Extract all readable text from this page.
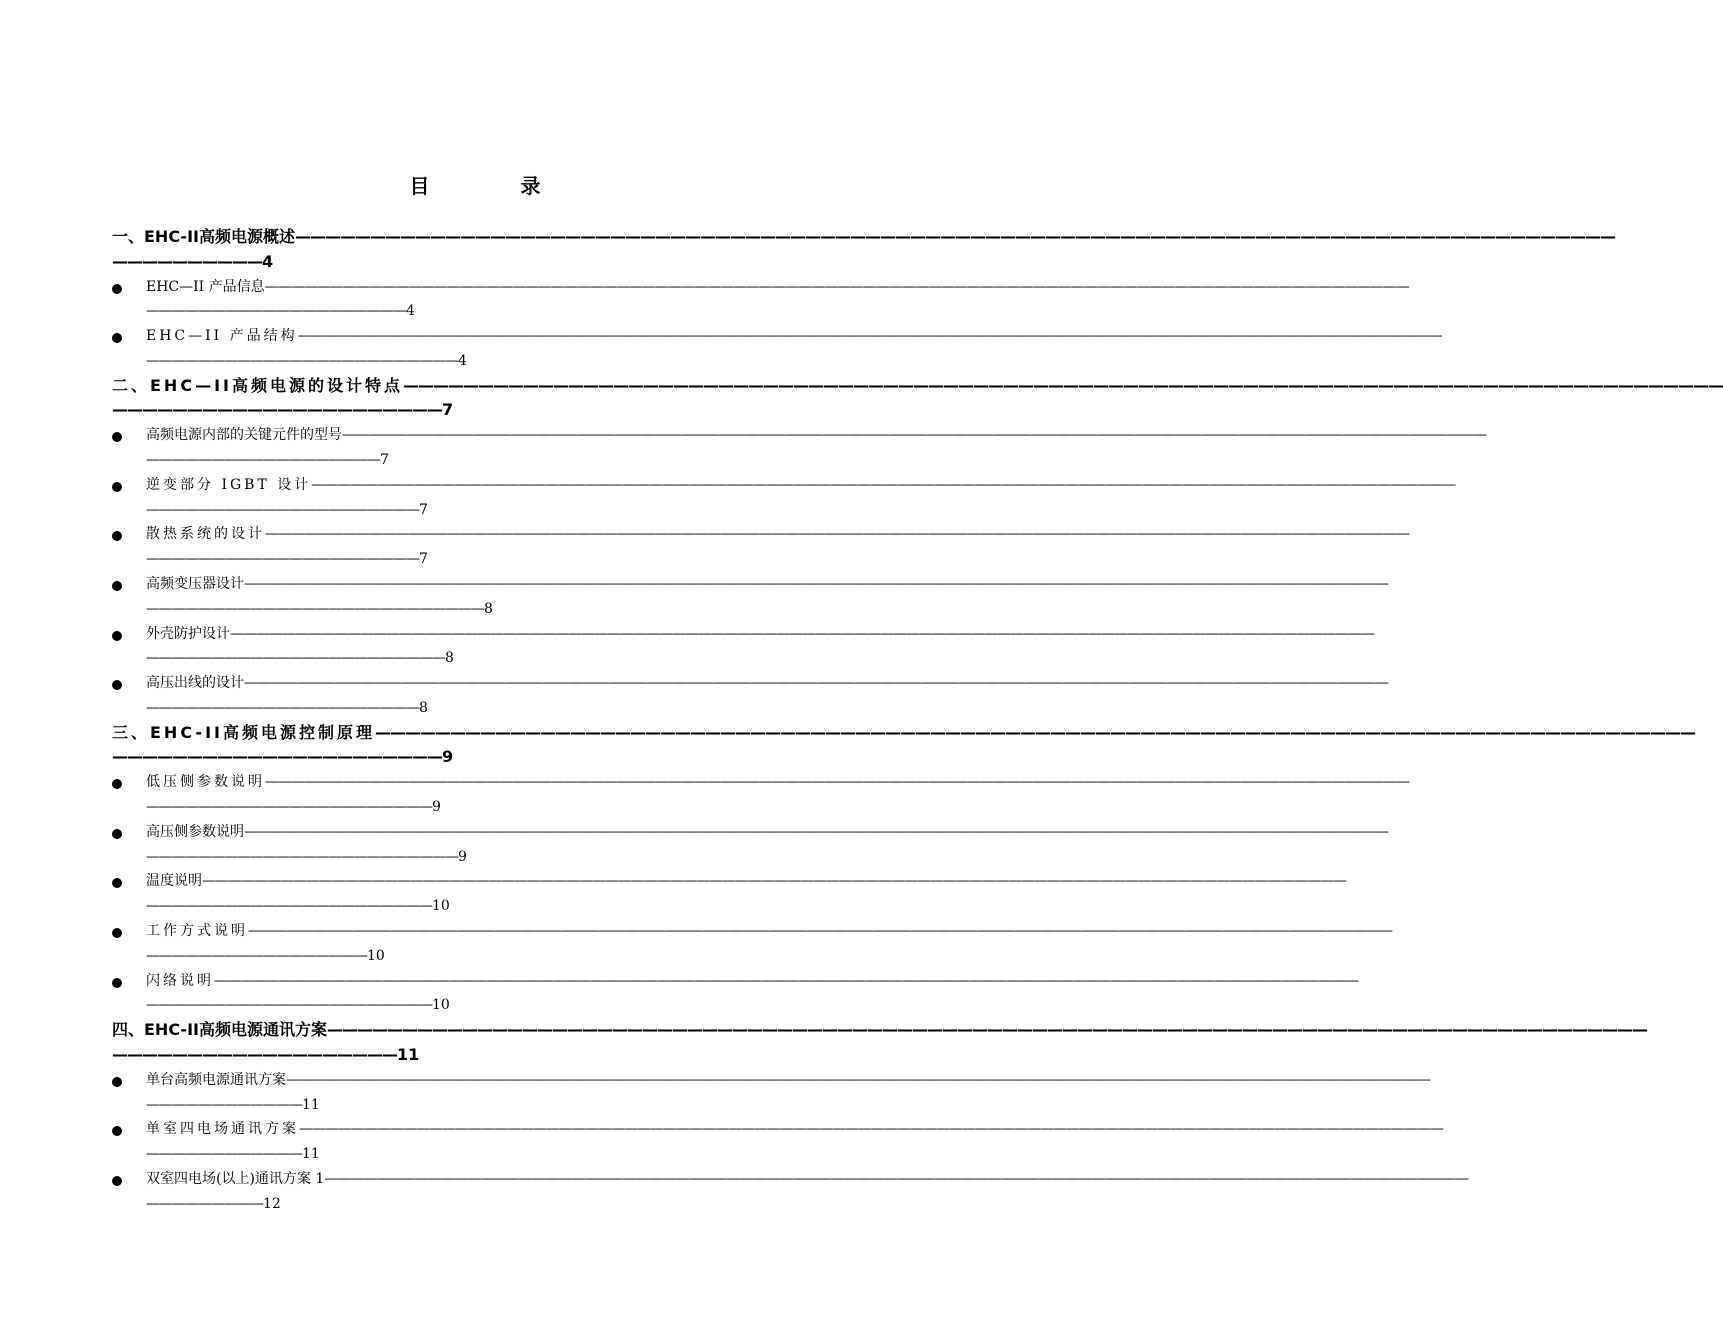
目 录
一、EHC-II高频电源概述————————————————————————————————————————————————————————————————————————————————————————
——————————4
EHC—II 产品信息————————————————————————————————————————————————————————————————————————————————————————
————————————————————4
EHC—II 产品结构————————————————————————————————————————————————————————————————————————————————————————
————————————————————————4
二、EHC—II高频电源的设计特点————————————————————————————————————————————————————————————————————————————————————————
——————————————————————7
高频电源内部的关键元件的型号————————————————————————————————————————————————————————————————————————————————————————
——————————————————7
逆变部分 IGBT 设计————————————————————————————————————————————————————————————————————————————————————————
—————————————————————7
散热系统的设计————————————————————————————————————————————————————————————————————————————————————————
—————————————————————7
高频变压器设计————————————————————————————————————————————————————————————————————————————————————————
——————————————————————————8
外壳防护设计————————————————————————————————————————————————————————————————————————————————————————
———————————————————————8
高压出线的设计————————————————————————————————————————————————————————————————————————————————————————
—————————————————————8
三、EHC-II高频电源控制原理————————————————————————————————————————————————————————————————————————————————————————
——————————————————————9
低压侧参数说明————————————————————————————————————————————————————————————————————————————————————————
——————————————————————9
高压侧参数说明————————————————————————————————————————————————————————————————————————————————————————
————————————————————————9
温度说明————————————————————————————————————————————————————————————————————————————————————————
——————————————————————10
工作方式说明————————————————————————————————————————————————————————————————————————————————————————
—————————————————10
闪络说明————————————————————————————————————————————————————————————————————————————————————————
——————————————————————10
四、EHC-II高频电源通讯方案————————————————————————————————————————————————————————————————————————————————————————
———————————————————11
单台高频电源通讯方案————————————————————————————————————————————————————————————————————————————————————————
————————————11
单室四电场通讯方案————————————————————————————————————————————————————————————————————————————————————————
————————————11
双室四电场(以上)通讯方案 1————————————————————————————————————————————————————————————————————————————————————————
—————————12
